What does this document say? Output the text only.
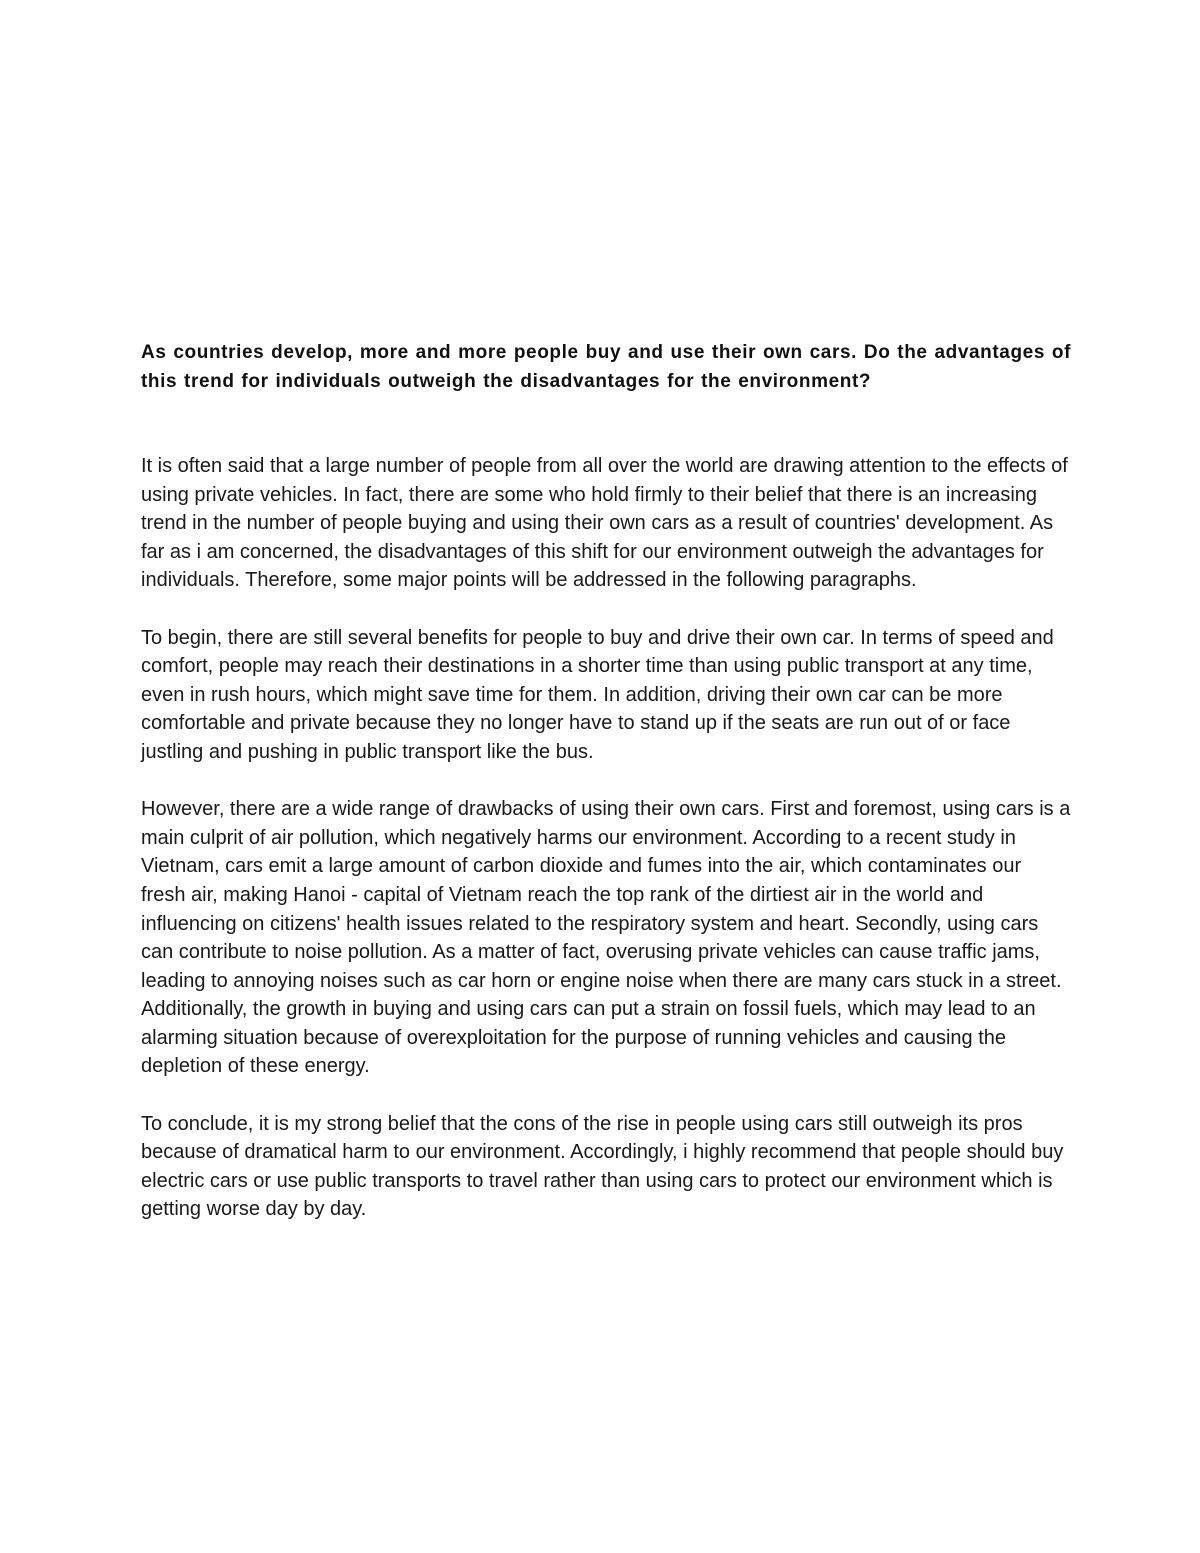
As countries develop, more and more people buy and use their own cars. Do the advantages of this trend for individuals outweigh the disadvantages for the environment?

It is often said that a large number of people from all over the world are drawing attention to the effects of using private vehicles. In fact, there are some who hold firmly to their belief that there is an increasing trend in the number of people buying and using their own cars as a result of countries' development. As far as i am concerned, the disadvantages of this shift for our environment outweigh the advantages for individuals. Therefore, some major points will be addressed in the following paragraphs.

To begin, there are still several benefits for people to buy and drive their own car. In terms of speed and comfort, people may reach their destinations in a shorter time than using public transport at any time, even in rush hours, which might save time for them. In addition, driving their own car can be more comfortable and private because they no longer have to stand up if the seats are run out of or face justling and pushing in public transport like the bus.

However, there are a wide range of drawbacks of using their own cars. First and foremost, using cars is a main culprit of air pollution, which negatively harms our environment. According to a recent study in Vietnam, cars emit a large amount of carbon dioxide and fumes into the air, which contaminates our fresh air, making Hanoi - capital of Vietnam reach the top rank of the dirtiest air in the world and influencing on citizens' health issues related to the respiratory system and heart. Secondly, using cars can contribute to noise pollution. As a matter of fact, overusing private vehicles can cause traffic jams, leading to annoying noises such as car horn or engine noise when there are many cars stuck in a street. Additionally, the growth in buying and using cars can put a strain on fossil fuels, which may lead to an alarming situation because of overexploitation for the purpose of running vehicles and causing the depletion of these energy.

To conclude, it is my strong belief that the cons of the rise in people using cars still outweigh its pros because of dramatical harm to our environment. Accordingly, i highly recommend that people should buy electric cars or use public transports to travel rather than using cars to protect our environment which is getting worse day by day.
